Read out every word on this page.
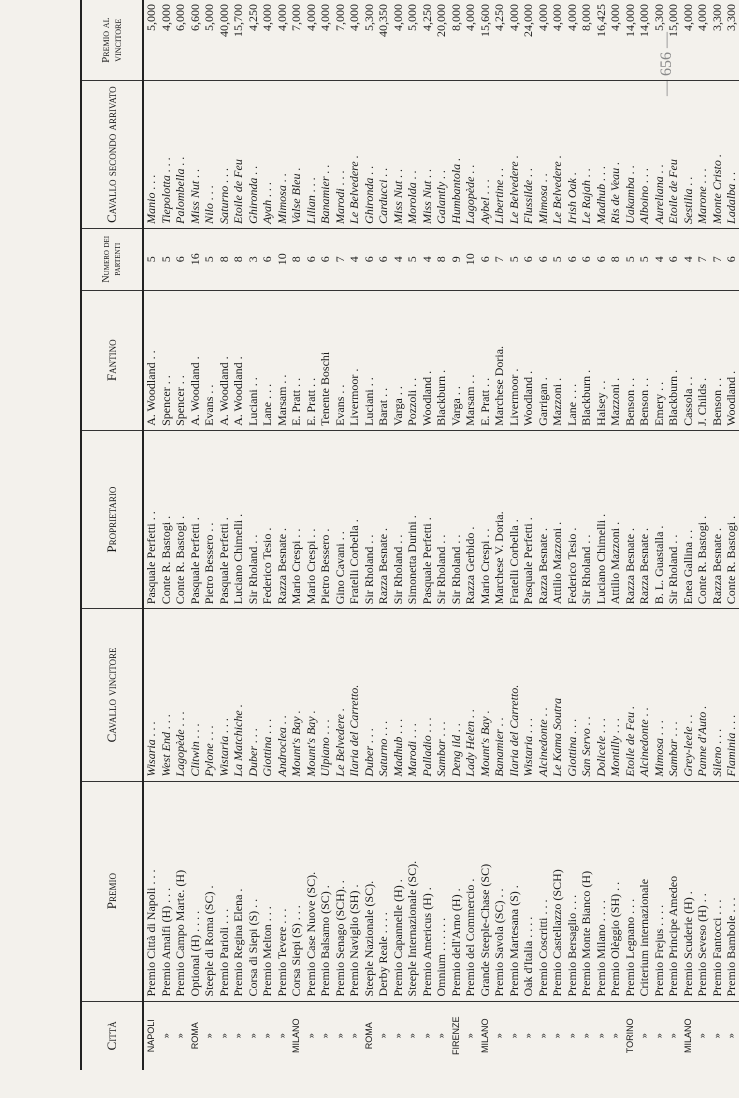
— 656 —
Città	Premio	Cavallo vincitore	Proprietario	Fantino	Numero dei partenti	Cavallo secondo arrivato	Premio al vincitore
NAPOLI	Premio Città di Napoli . . .	Wisaria . . .	Pasquale Perfetti . .	A. Woodland . .	5	Manio . . .	5,000
»	Premio Amalfi (H) . . .	West End . . .	Conte R. Bastogi .	Spencer . .	5	Tiepolotta . . .	4,000
»	Premio Campo Marte. (H)	Lagopède . . .	Conte R. Bastogi .	Spencer . .	6	Palombella . .	6,000
ROMA	Optional (H) . . . .	Clitwin . . .	Pasquale Perfetti .	A. Woodland .	16	Miss Nut . .	6,600
»	Steeple di Roma (SC) .	Pylone . . .	Pietro Bessero . .	Evans . .	5	Nilo . . .	5,000
»	Premio Parioli . . .	Wistaria . . .	Pasquale Perfetti .	A. Woodland .	8	Saturno . . .	40,000
»	Premio Regina Elena .	La Matchiche .	Luciano Chimelli .	A. Woodland .	8	Etoile de Feu	15,700
»	Corsa di Siepi (S) . .	Duber . . .	Sir Rholand . .	Luciani . .	3	Ghironda . .	4,250
»	Premio Melton . . .	Giottina . . .	Federico Tesio .	Lane . . .	6	Ayah . . .	4,000
»	Premio Tevere . . .	Androclea . .	Razza Besnate .	Marsam . .	10	Mimosa . .	4,000
MILANO	Corsa Siepi (S) . . .	Mount's Bay .	Mario Crespi . .	E. Pratt . .	8	Valse Bleu .	7,000
»	Premio Case Nuove (SC).	Mount's Bay .	Mario Crespi . .	E. Pratt . .	6	Lilian . . .	4,000
»	Premio Balsamo (SC) .	Ulpiano . . .	Pietro Bessero .	Tenente Boschi	6	Banamier . .	4,000
»	Premio Senago (SCH). .	Le Belvedere .	Gino Cavani . .	Evans . .	7	Marodi . . .	7,000
»	Premio Naviglio (SH) .	Ilaria del Carretto.	Fratelli Corbella .	Livermoor .	4	Le Belvedere .	4,000
ROMA	Steeple Nazionale (SC).	Duber . . .	Sir Rholand . .	Luciani . .	6	Ghironda . .	5,300
»	Derby Reale . . . .	Saturno . . .	Razza Besnate .	Barat . .	6	Carducci . .	40,350
»	Premio Capannelle (H) .	Madhub . . .	Sir Rholand . .	Varga . .	4	Miss Nut . .	4,000
»	Steeple Internazionale (SC).	Marodi . . .	Simonetta Durini .	Pozzoli . .	5	Morolda . .	5,000
»	Premio Americus (H) .	Palladio . . .	Pasquale Perfetti .	Woodland .	4	Miss Nut . .	4,250
»	Omnium . . . . . .	Sambar . . .	Sir Rholand . .	Blackburn .	8	Galantly . .	20,000
FIRENZE	Premio dell'Arno (H) .	Deng ild . .	Sir Rholand . .	Varga . .	9	Humbantola .	8,000
»	Premio del Commercio .	Lady Helen . .	Razza Gerbido .	Marsam . .	10	Lagopède . .	4,000
MILANO	Grande Steeple-Chase (SC)	Mount's Bay .	Mario Crespi . .	E. Pratt . .	6	Aybel . . .	15,600
»	Premio Savola (SC) . .	Banamier . .	Marchese V. Doria.	Marchese Doria.	7	Libertine . .	4,250
»	Premio Martesana (S) .	Ilaria del Carretto.	Fratelli Corbella .	Livermoor .	5	Le Belvedere .	4,000
»	Oak d'Italia . . . .	Wistaria . . .	Pasquale Perfetti .	Woodland .	6	Flussilde . .	24,000
»	Premio Coscritti . . .	Alcinedonte . .	Razza Besnate .	Garrigan .	6	Mimosa . .	4,000
»	Premio Castellazzo (SCH)	Le Kama Soutra	Attilio Mazzoni .	Mazzoni .	5	Le Belvedere .	4,000
»	Premio Bersaglio . . .	Giottina . . .	Federico Tesio .	Lane . . .	6	Irish Oak .	4,000
»	Premio Monte Bianco (H)	San Servo . .	Sir Rholand . .	Blackburn .	6	Le Rajah . .	8,000
»	Premio Milano . . . .	Dolicele . . .	Luciano Chimelli .	Halsey . .	6	Madhub . . .	16,425
»	Premio Olèggio (SH) . .	Montilly . . .	Attilio Mazzoni .	Mazzoni .	8	Ris de Veau .	4,000
TORINO	Premio Legnano . . .	Etoile de Feu .	Razza Besnate .	Benson . .	5	Uakamba . .	14,000
»	Criterium internazionale	Alcinedonte . .	Razza Besnate .	Benson . .	5	Alboino . . .	14,000
»	Premio Frejus . . . .	Mimosa . . .	B. L. Guastalla .	Emery . .	4	Aureliana . .	5,300
»	Premio Principe Amedeo	Sambar . . .	Sir Rholand . .	Blackburn .	6	Etoile de Feu	15,000
MILANO	Premio Scuderie (H) .	Grey-leele . .	Enea Gallina . .	Cassola . .	4	Sestilia . .	4,000
»	Premio Seveso (H) . .	Panne d'Auto .	Conte R. Bastogi .	J. Childs .	7	Marone . . .	4,000
»	Premio Fantocci . . .	Sileno . . .	Razza Besnate .	Benson . .	7	Monte Cristo .	3,300
»	Premio Bambole . . .	Flaminia . . .	Conte R. Bastogi .	Woodland .	6	Ladalba . .	3,300
